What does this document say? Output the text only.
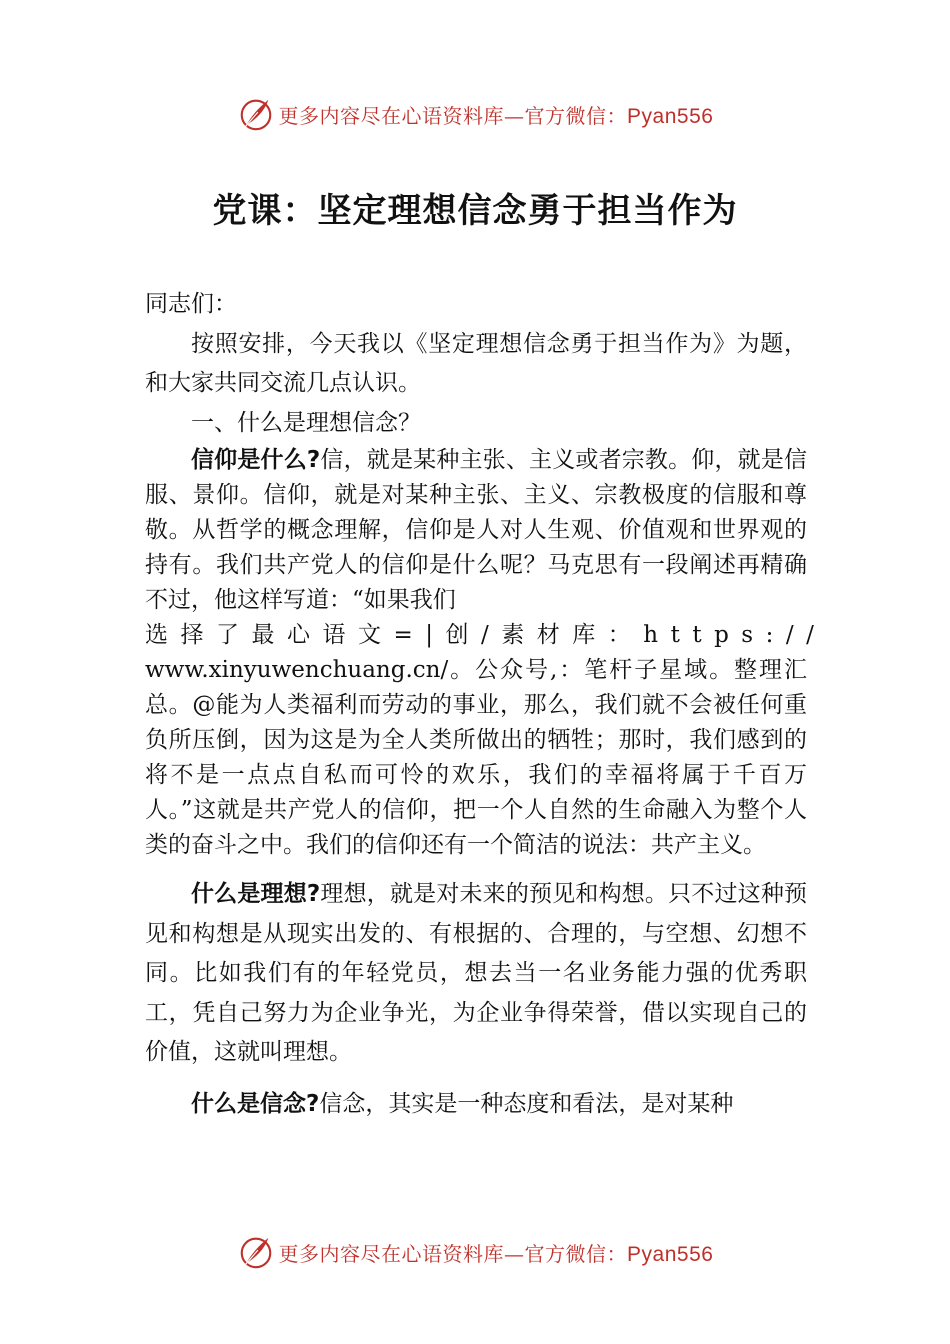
更多内容尽在心语资料库—官方微信：Pyan556
党课：坚定理想信念勇于担当作为

同志们：

按照安排，今天我以《坚定理想信念勇于担当作为》为题，和大家共同交流几点认识。

一、什么是理想信念？

信仰是什么?信，就是某种主张、主义或者宗教。仰，就是信服、景仰。信仰，就是对某种主张、主义、宗教极度的信服和尊敬。从哲学的概念理解，信仰是人对人生观、价值观和世界观的持有。我们共产党人的信仰是什么呢？马克思有一段阐述再精确不过，他这样写道：“如果我们
选择了最心语文=|创/素材库：https://
www.xinyuwenchuang.cn/。公众号,：笔杆子星域。整理汇总。@能为人类福利而劳动的事业，那么，我们就不会被任何重负所压倒，因为这是为全人类所做出的牺牲；那时，我们感到的将不是一点点自私而可怜的欢乐，我们的幸福将属于千百万人。”这就是共产党人的信仰，把一个人自然的生命融入为整个人类的奋斗之中。我们的信仰还有一个简洁的说法：共产主义。

什么是理想?理想，就是对未来的预见和构想。只不过这种预见和构想是从现实出发的、有根据的、合理的，与空想、幻想不同。比如我们有的年轻党员，想去当一名业务能力强的优秀职工，凭自己努力为企业争光，为企业争得荣誉，借以实现自己的价值，这就叫理想。

什么是信念?信念，其实是一种态度和看法，是对某种

更多内容尽在心语资料库—官方微信：Pyan556
